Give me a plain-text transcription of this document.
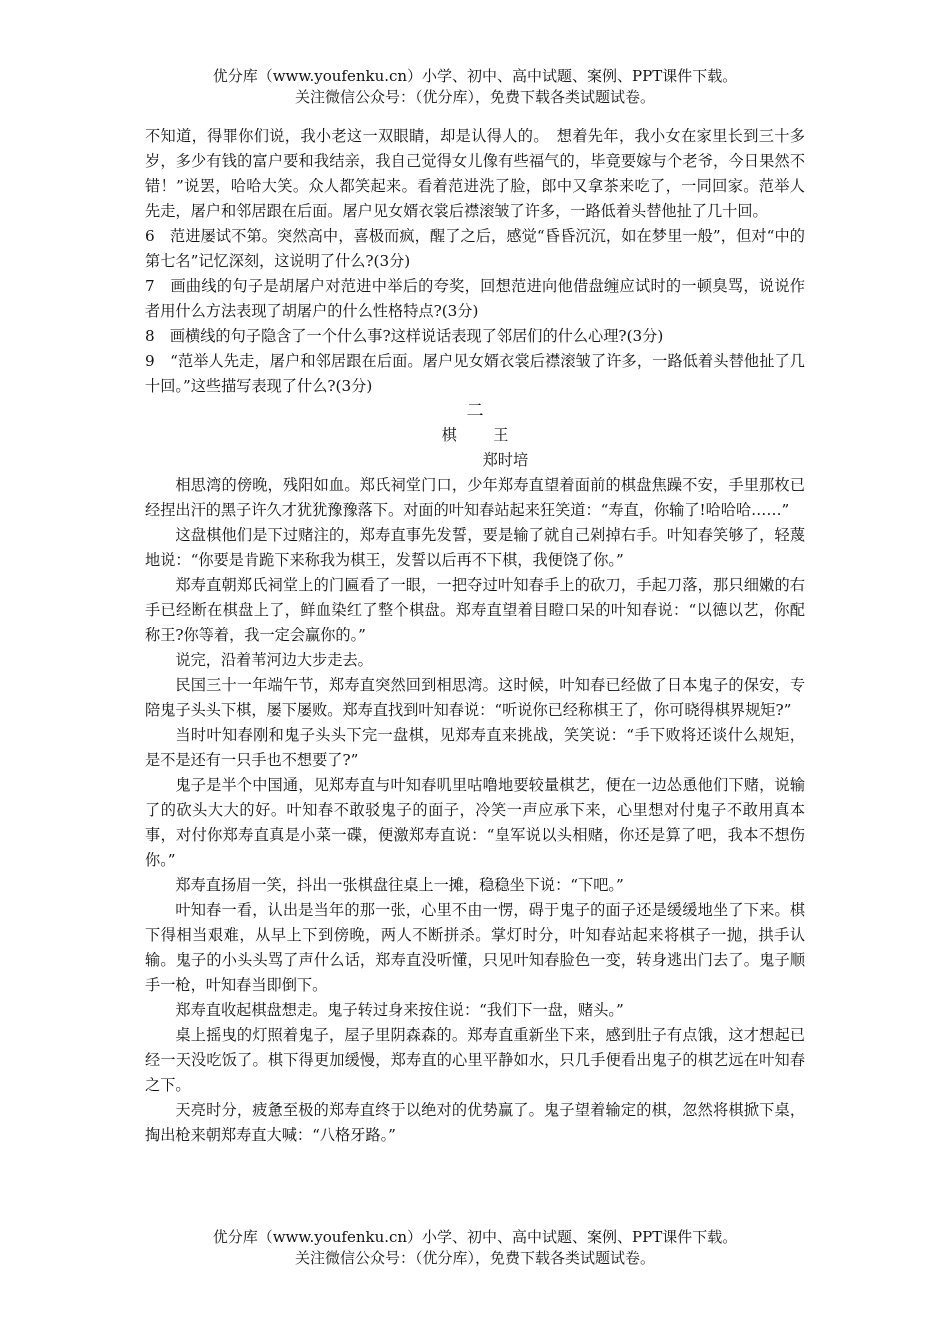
优分库（www.youfenku.cn）小学、初中、高中试题、案例、PPT课件下载。
关注微信公众号：（优分库），免费下载各类试题试卷。

不知道，得罪你们说，我小老这一双眼睛，却是认得人的。　想着先年，我小女在家里长到三十多岁，多少有钱的富户要和我结亲，我自己觉得女儿像有些福气的，毕竟要嫁与个老爷，今日果然不错！”说罢，哈哈大笑。众人都笑起来。看着范进洗了脸，郎中又拿茶来吃了，一同回家。范举人先走，屠户和邻居跟在后面。屠户见女婿衣裳后襟滚皱了许多，一路低着头替他扯了几十回。

6　范进屡试不第。突然高中，喜极而疯，醒了之后，感觉“昏昏沉沉，如在梦里一般”，但对“中的第七名”记忆深刻，这说明了什么?(3分)

7　画曲线的句子是胡屠户对范进中举后的夸奖，回想范进向他借盘缠应试时的一顿臭骂，说说作者用什么方法表现了胡屠户的什么性格特点?(3分)

8　画横线的句子隐含了一个什么事?这样说话表现了邻居们的什么心理?(3分)

9　“范举人先走，屠户和邻居跟在后面。屠户见女婿衣裳后襟滚皱了许多，一路低着头替他扯了几十回。”这些描写表现了什么?(3分)

二

棋王

郑时培

相思湾的傍晚，残阳如血。郑氏祠堂门口，少年郑寿直望着面前的棋盘焦躁不安，手里那枚已经捏出汗的黑子许久才犹犹豫豫落下。对面的叶知春站起来狂笑道：“寿直，你输了!哈哈哈……”

这盘棋他们是下过赌注的，郑寿直事先发誓，要是输了就自己剁掉右手。叶知春笑够了，轻蔑地说：“你要是肯跪下来称我为棋王，发誓以后再不下棋，我便饶了你。”

郑寿直朝郑氏祠堂上的门匾看了一眼，一把夺过叶知春手上的砍刀，手起刀落，那只细嫩的右手已经断在棋盘上了，鲜血染红了整个棋盘。郑寿直望着目瞪口呆的叶知春说：“以德以艺，你配称王?你等着，我一定会赢你的。”

说完，沿着苇河边大步走去。

民国三十一年端午节，郑寿直突然回到相思湾。这时候，叶知春已经做了日本鬼子的保安，专陪鬼子头头下棋，屡下屡败。郑寿直找到叶知春说：“听说你已经称棋王了，你可晓得棋界规矩?”

当时叶知春刚和鬼子头头下完一盘棋，见郑寿直来挑战，笑笑说：“手下败将还谈什么规矩，是不是还有一只手也不想要了?”

鬼子是半个中国通，见郑寿直与叶知春叽里咕噜地要较量棋艺，便在一边怂恿他们下赌，说输了的砍头大大的好。叶知春不敢驳鬼子的面子，冷笑一声应承下来，心里想对付鬼子不敢用真本事，对付你郑寿直真是小菜一碟，便激郑寿直说：“皇军说以头相赌，你还是算了吧，我本不想伤你。”

郑寿直扬眉一笑，抖出一张棋盘往桌上一摊，稳稳坐下说：“下吧。”

叶知春一看，认出是当年的那一张，心里不由一愣，碍于鬼子的面子还是缓缓地坐了下来。棋下得相当艰难，从早上下到傍晚，两人不断拼杀。掌灯时分，叶知春站起来将棋子一抛，拱手认输。鬼子的小头头骂了声什么话，郑寿直没听懂，只见叶知春脸色一变，转身逃出门去了。鬼子顺手一枪，叶知春当即倒下。

郑寿直收起棋盘想走。鬼子转过身来按住说：“我们下一盘，赌头。”

桌上摇曳的灯照着鬼子，屋子里阴森森的。郑寿直重新坐下来，感到肚子有点饿，这才想起已经一天没吃饭了。棋下得更加缓慢，郑寿直的心里平静如水，只几手便看出鬼子的棋艺远在叶知春之下。

天亮时分，疲惫至极的郑寿直终于以绝对的优势赢了。鬼子望着输定的棋，忽然将棋掀下桌，掏出枪来朝郑寿直大喊：“八格牙路。”

优分库（www.youfenku.cn）小学、初中、高中试题、案例、PPT课件下载。
关注微信公众号：（优分库），免费下载各类试题试卷。
